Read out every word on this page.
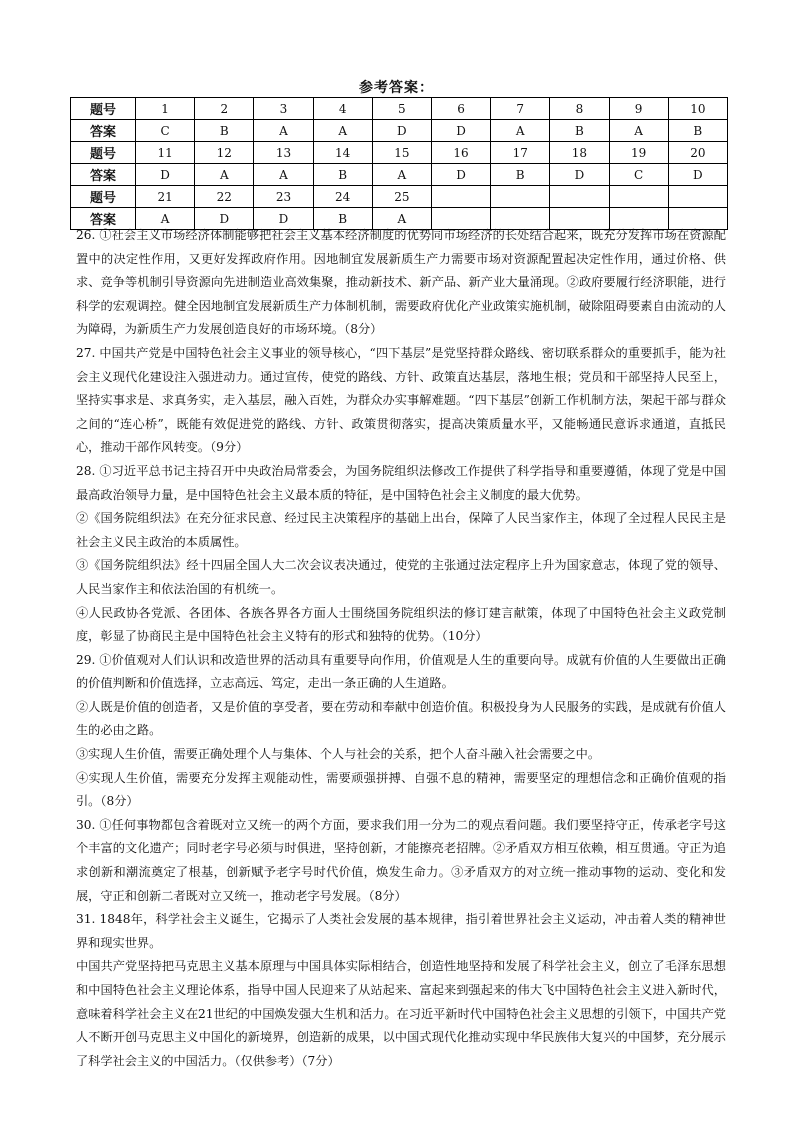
参考答案：
题号	1	2	3	4	5	6	7	8	9	10
答案	C	B	A	A	D	D	A	B	A	B
题号	11	12	13	14	15	16	17	18	19	20
答案	D	A	A	B	A	D	B	D	C	D
题号	21	22	23	24	25					
答案	A	D	D	B	A					

26. ①社会主义市场经济体制能够把社会主义基本经济制度的优势同市场经济的长处结合起来，既充分发挥市场在资源配置中的决定性作用，又更好发挥政府作用。因地制宜发展新质生产力需要市场对资源配置起决定性作用，通过价格、供求、竞争等机制引导资源向先进制造业高效集聚，推动新技术、新产品、新产业大量涌现。②政府要履行经济职能，进行科学的宏观调控。健全因地制宜发展新质生产力体制机制，需要政府优化产业政策实施机制，破除阻碍要素自由流动的人为障碍，为新质生产力发展创造良好的市场环境。（8分）

27. 中国共产党是中国特色社会主义事业的领导核心，“四下基层”是党坚持群众路线、密切联系群众的重要抓手，能为社会主义现代化建设注入强进动力。通过宣传，使党的路线、方针、政策直达基层，落地生根；党员和干部坚持人民至上，坚持实事求是、求真务实，走入基层，融入百姓，为群众办实事解难题。“四下基层”创新工作机制方法，架起干部与群众之间的“连心桥”，既能有效促进党的路线、方针、政策贯彻落实，提高决策质量水平，又能畅通民意诉求通道，直抵民心，推动干部作风转变。（9分）

28. ①习近平总书记主持召开中央政治局常委会，为国务院组织法修改工作提供了科学指导和重要遵循，体现了党是中国最高政治领导力量，是中国特色社会主义最本质的特征，是中国特色社会主义制度的最大优势。

②《国务院组织法》在充分征求民意、经过民主决策程序的基础上出台，保障了人民当家作主，体现了全过程人民民主是社会主义民主政治的本质属性。

③《国务院组织法》经十四届全国人大二次会议表决通过，使党的主张通过法定程序上升为国家意志，体现了党的领导、人民当家作主和依法治国的有机统一。

④人民政协各党派、各团体、各族各界各方面人士围绕国务院组织法的修订建言献策，体现了中国特色社会主义政党制度，彰显了协商民主是中国特色社会主义特有的形式和独特的优势。（10分）

29. ①价值观对人们认识和改造世界的活动具有重要导向作用，价值观是人生的重要向导。成就有价值的人生要做出正确的价值判断和价值选择，立志高远、笃定，走出一条正确的人生道路。

②人既是价值的创造者，又是价值的享受者，要在劳动和奉献中创造价值。积极投身为人民服务的实践，是成就有价值人生的必由之路。

③实现人生价值，需要正确处理个人与集体、个人与社会的关系，把个人奋斗融入社会需要之中。

④实现人生价值，需要充分发挥主观能动性，需要顽强拼搏、自强不息的精神，需要坚定的理想信念和正确价值观的指引。（8分）

30. ①任何事物都包含着既对立又统一的两个方面，要求我们用一分为二的观点看问题。我们要坚持守正，传承老字号这个丰富的文化遗产；同时老字号必须与时俱进，坚持创新，才能擦亮老招牌。②矛盾双方相互依赖，相互贯通。守正为追求创新和潮流奠定了根基，创新赋予老字号时代价值，焕发生命力。③矛盾双方的对立统一推动事物的运动、变化和发展，守正和创新二者既对立又统一，推动老字号发展。（8分）

31. 1848年，科学社会主义诞生，它揭示了人类社会发展的基本规律，指引着世界社会主义运动，冲击着人类的精神世界和现实世界。

中国共产党坚持把马克思主义基本原理与中国具体实际相结合，创造性地坚持和发展了科学社会主义，创立了毛泽东思想和中国特色社会主义理论体系，指导中国人民迎来了从站起来、富起来到强起来的伟大飞中国特色社会主义进入新时代，意味着科学社会主义在21世纪的中国焕发强大生机和活力。在习近平新时代中国特色社会主义思想的引领下，中国共产党人不断开创马克思主义中国化的新境界，创造新的成果，以中国式现代化推动实现中华民族伟大复兴的中国梦，充分展示了科学社会主义的中国活力。（仅供参考）（7分）
